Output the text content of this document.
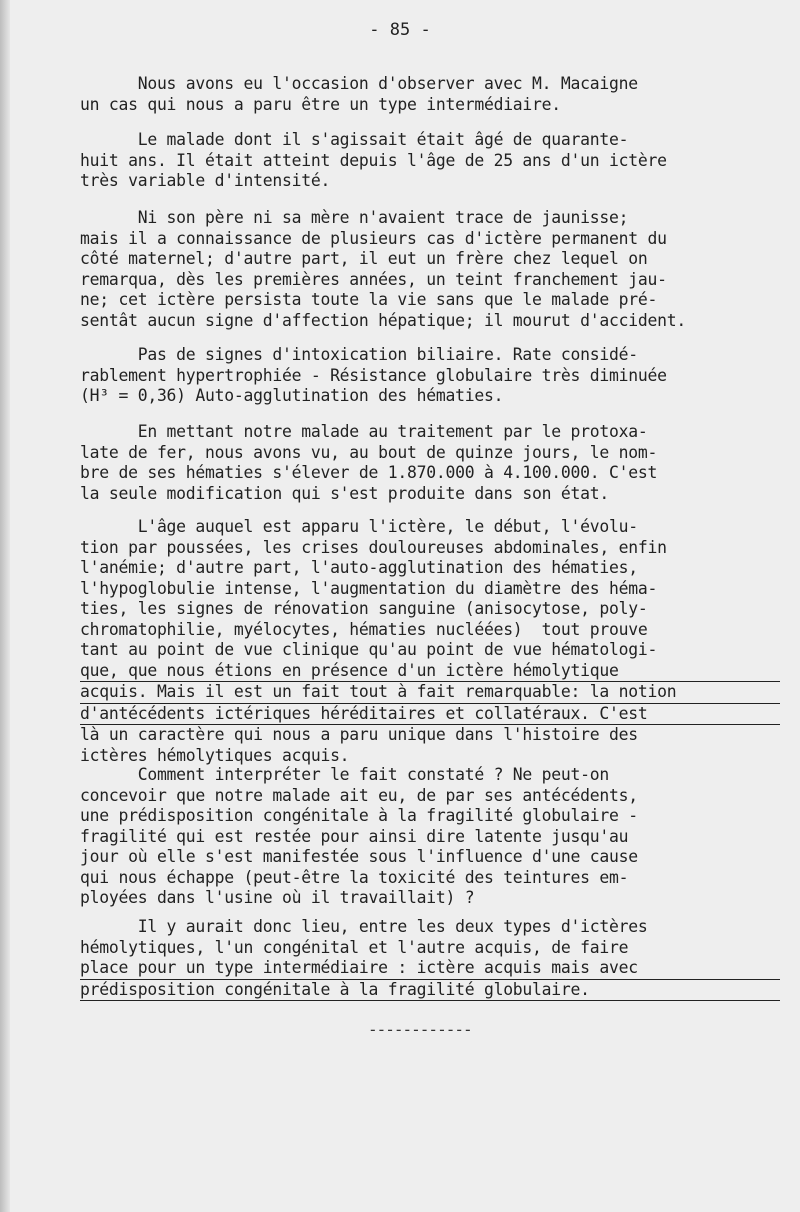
- 85 -
Nous avons eu l'occasion d'observer avec M. Macaigne
un cas qui nous a paru être un type intermédiaire.
Le malade dont il s'agissait était âgé de quarante-
huit ans. Il était atteint depuis l'âge de 25 ans d'un ictère
très variable d'intensité.
Ni son père ni sa mère n'avaient trace de jaunisse;
mais il a connaissance de plusieurs cas d'ictère permanent du
côté maternel; d'autre part, il eut un frère chez lequel on
remarqua, dès les premières années, un teint franchement jau-
ne; cet ictère persista toute la vie sans que le malade pré-
sentât aucun signe d'affection hépatique; il mourut d'accident.
Pas de signes d'intoxication biliaire. Rate considé-
rablement hypertrophiée - Résistance globulaire très diminuée
(H³ = 0,36) Auto-agglutination des hématies.
En mettant notre malade au traitement par le protoxa-
late de fer, nous avons vu, au bout de quinze jours, le nom-
bre de ses hématies s'élever de 1.870.000 à 4.100.000. C'est
la seule modification qui s'est produite dans son état.
L'âge auquel est apparu l'ictère, le début, l'évolu-
tion par poussées, les crises douloureuses abdominales, enfin
l'anémie; d'autre part, l'auto-agglutination des hématies,
l'hypoglobulie intense, l'augmentation du diamètre des héma-
ties, les signes de rénovation sanguine (anisocytose, poly-
chromatophilie, myélocytes, hématies nucléées)  tout prouve
tant au point de vue clinique qu'au point de vue hématologi-
que, que nous étions en présence d'un ictère hémolytique
acquis. Mais il est un fait tout à fait remarquable: la notion
d'antécédents ictériques héréditaires et collatéraux. C'est
là un caractère qui nous a paru unique dans l'histoire des
ictères hémolytiques acquis.
Comment interpréter le fait constaté ? Ne peut-on
concevoir que notre malade ait eu, de par ses antécédents,
une prédisposition congénitale à la fragilité globulaire -
fragilité qui est restée pour ainsi dire latente jusqu'au
jour où elle s'est manifestée sous l'influence d'une cause
qui nous échappe (peut-être la toxicité des teintures em-
ployées dans l'usine où il travaillait) ?
Il y aurait donc lieu, entre les deux types d'ictères
hémolytiques, l'un congénital et l'autre acquis, de faire
place pour un type intermédiaire : ictère acquis mais avec
prédisposition congénitale à la fragilité globulaire.
------------
